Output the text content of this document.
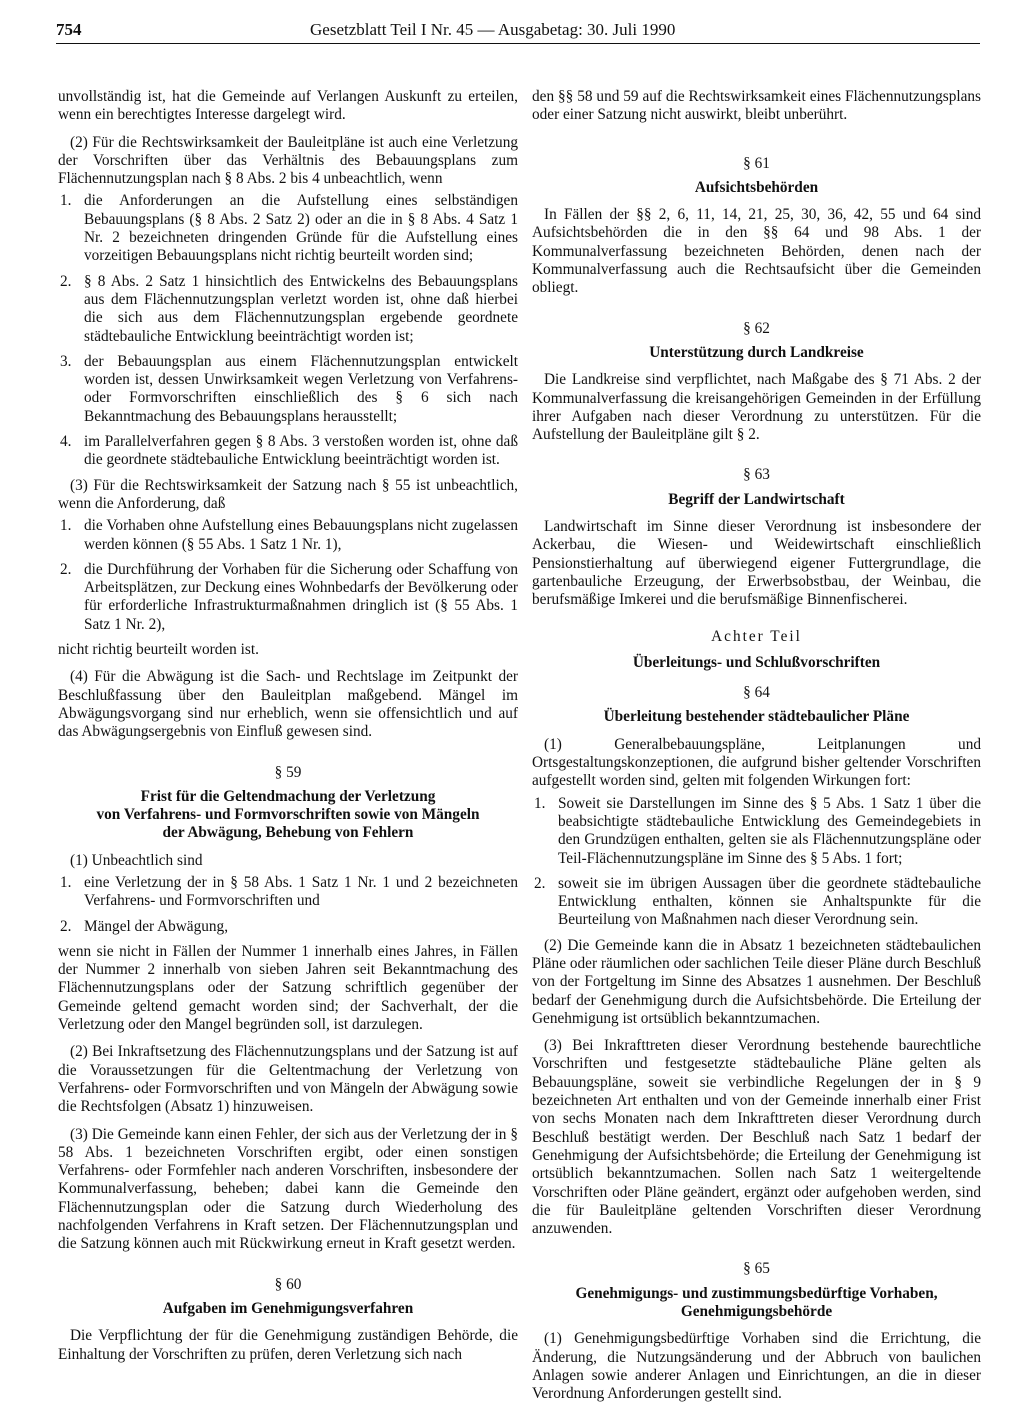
754	Gesetzblatt Teil I Nr. 45 — Ausgabetag: 30. Juli 1990

unvollständig ist, hat die Gemeinde auf Verlangen Auskunft zu erteilen, wenn ein berechtigtes Interesse dargelegt wird.

(2) Für die Rechtswirksamkeit der Bauleitpläne ist auch eine Verletzung der Vorschriften über das Verhältnis des Bebauungsplans zum Flächennutzungsplan nach § 8 Abs. 2 bis 4 unbeachtlich, wenn

1. die Anforderungen an die Aufstellung eines selbständigen Bebauungsplans (§ 8 Abs. 2 Satz 2) oder an die in § 8 Abs. 4 Satz 1 Nr. 2 bezeichneten dringenden Gründe für die Aufstellung eines vorzeitigen Bebauungsplans nicht richtig beurteilt worden sind;
2. § 8 Abs. 2 Satz 1 hinsichtlich des Entwickelns des Bebauungsplans aus dem Flächennutzungsplan verletzt worden ist, ohne daß hierbei die sich aus dem Flächennutzungsplan ergebende geordnete städtebauliche Entwicklung beeinträchtigt worden ist;
3. der Bebauungsplan aus einem Flächennutzungsplan entwickelt worden ist, dessen Unwirksamkeit wegen Verletzung von Verfahrens- oder Formvorschriften einschließlich des § 6 sich nach Bekanntmachung des Bebauungsplans herausstellt;
4. im Parallelverfahren gegen § 8 Abs. 3 verstoßen worden ist, ohne daß die geordnete städtebauliche Entwicklung beeinträchtigt worden ist.

(3) Für die Rechtswirksamkeit der Satzung nach § 55 ist unbeachtlich, wenn die Anforderung, daß

1. die Vorhaben ohne Aufstellung eines Bebauungsplans nicht zugelassen werden können (§ 55 Abs. 1 Satz 1 Nr. 1),
2. die Durchführung der Vorhaben für die Sicherung oder Schaffung von Arbeitsplätzen, zur Deckung eines Wohnbedarfs der Bevölkerung oder für erforderliche Infrastrukturmaßnahmen dringlich ist (§ 55 Abs. 1 Satz 1 Nr. 2),

nicht richtig beurteilt worden ist.

(4) Für die Abwägung ist die Sach- und Rechtslage im Zeitpunkt der Beschlußfassung über den Bauleitplan maßgebend. Mängel im Abwägungsvorgang sind nur erheblich, wenn sie offensichtlich und auf das Abwägungsergebnis von Einfluß gewesen sind.

§ 59
Frist für die Geltendmachung der Verletzung
von Verfahrens- und Formvorschriften sowie von Mängeln
der Abwägung, Behebung von Fehlern

(1) Unbeachtlich sind

1. eine Verletzung der in § 58 Abs. 1 Satz 1 Nr. 1 und 2 bezeichneten Verfahrens- und Formvorschriften und
2. Mängel der Abwägung,

wenn sie nicht in Fällen der Nummer 1 innerhalb eines Jahres, in Fällen der Nummer 2 innerhalb von sieben Jahren seit Bekanntmachung des Flächennutzungsplans oder der Satzung schriftlich gegenüber der Gemeinde geltend gemacht worden sind; der Sachverhalt, der die Verletzung oder den Mangel begründen soll, ist darzulegen.

(2) Bei Inkraftsetzung des Flächennutzungsplans und der Satzung ist auf die Voraussetzungen für die Geltentmachung der Verletzung von Verfahrens- oder Formvorschriften und von Mängeln der Abwägung sowie die Rechtsfolgen (Absatz 1) hinzuweisen.

(3) Die Gemeinde kann einen Fehler, der sich aus der Verletzung der in § 58 Abs. 1 bezeichneten Vorschriften ergibt, oder einen sonstigen Verfahrens- oder Formfehler nach anderen Vorschriften, insbesondere der Kommunalverfassung, beheben; dabei kann die Gemeinde den Flächennutzungsplan oder die Satzung durch Wiederholung des nachfolgenden Verfahrens in Kraft setzen. Der Flächennutzungsplan und die Satzung können auch mit Rückwirkung erneut in Kraft gesetzt werden.

§ 60
Aufgaben im Genehmigungsverfahren

Die Verpflichtung der für die Genehmigung zuständigen Behörde, die Einhaltung der Vorschriften zu prüfen, deren Verletzung sich nach

den §§ 58 und 59 auf die Rechtswirksamkeit eines Flächennutzungsplans oder einer Satzung nicht auswirkt, bleibt unberührt.

§ 61
Aufsichtsbehörden

In Fällen der §§ 2, 6, 11, 14, 21, 25, 30, 36, 42, 55 und 64 sind Aufsichtsbehörden die in den §§ 64 und 98 Abs. 1 der Kommunalverfassung bezeichneten Behörden, denen nach der Kommunalverfassung auch die Rechtsaufsicht über die Gemeinden obliegt.

§ 62
Unterstützung durch Landkreise

Die Landkreise sind verpflichtet, nach Maßgabe des § 71 Abs. 2 der Kommunalverfassung die kreisangehörigen Gemeinden in der Erfüllung ihrer Aufgaben nach dieser Verordnung zu unterstützen. Für die Aufstellung der Bauleitpläne gilt § 2.

§ 63
Begriff der Landwirtschaft

Landwirtschaft im Sinne dieser Verordnung ist insbesondere der Ackerbau, die Wiesen- und Weidewirtschaft einschließlich Pensionstierhaltung auf überwiegend eigener Futtergrundlage, die gartenbauliche Erzeugung, der Erwerbsobstbau, der Weinbau, die berufsmäßige Imkerei und die berufsmäßige Binnenfischerei.

Achter Teil
Überleitungs- und Schlußvorschriften
§ 64
Überleitung bestehender städtebaulicher Pläne

(1) Generalbebauungspläne, Leitplanungen und Ortsgestaltungskonzeptionen, die aufgrund bisher geltender Vorschriften aufgestellt worden sind, gelten mit folgenden Wirkungen fort:

1. Soweit sie Darstellungen im Sinne des § 5 Abs. 1 Satz 1 über die beabsichtigte städtebauliche Entwicklung des Gemeindegebiets in den Grundzügen enthalten, gelten sie als Flächennutzungspläne oder Teil-Flächennutzungspläne im Sinne des § 5 Abs. 1 fort;
2. soweit sie im übrigen Aussagen über die geordnete städtebauliche Entwicklung enthalten, können sie Anhaltspunkte für die Beurteilung von Maßnahmen nach dieser Verordnung sein.

(2) Die Gemeinde kann die in Absatz 1 bezeichneten städtebaulichen Pläne oder räumlichen oder sachlichen Teile dieser Pläne durch Beschluß von der Fortgeltung im Sinne des Absatzes 1 ausnehmen. Der Beschluß bedarf der Genehmigung durch die Aufsichtsbehörde. Die Erteilung der Genehmigung ist ortsüblich bekanntzumachen.

(3) Bei Inkrafttreten dieser Verordnung bestehende baurechtliche Vorschriften und festgesetzte städtebauliche Pläne gelten als Bebauungspläne, soweit sie verbindliche Regelungen der in § 9 bezeichneten Art enthalten und von der Gemeinde innerhalb einer Frist von sechs Monaten nach dem Inkrafttreten dieser Verordnung durch Beschluß bestätigt werden. Der Beschluß nach Satz 1 bedarf der Genehmigung der Aufsichtsbehörde; die Erteilung der Genehmigung ist ortsüblich bekanntzumachen. Sollen nach Satz 1 weitergeltende Vorschriften oder Pläne geändert, ergänzt oder aufgehoben werden, sind die für Bauleitpläne geltenden Vorschriften dieser Verordnung anzuwenden.

§ 65
Genehmigungs- und zustimmungsbedürftige Vorhaben,
Genehmigungsbehörde

(1) Genehmigungsbedürftige Vorhaben sind die Errichtung, die Änderung, die Nutzungsänderung und der Abbruch von baulichen Anlagen sowie anderer Anlagen und Einrichtungen, an die in dieser Verordnung Anforderungen gestellt sind.
